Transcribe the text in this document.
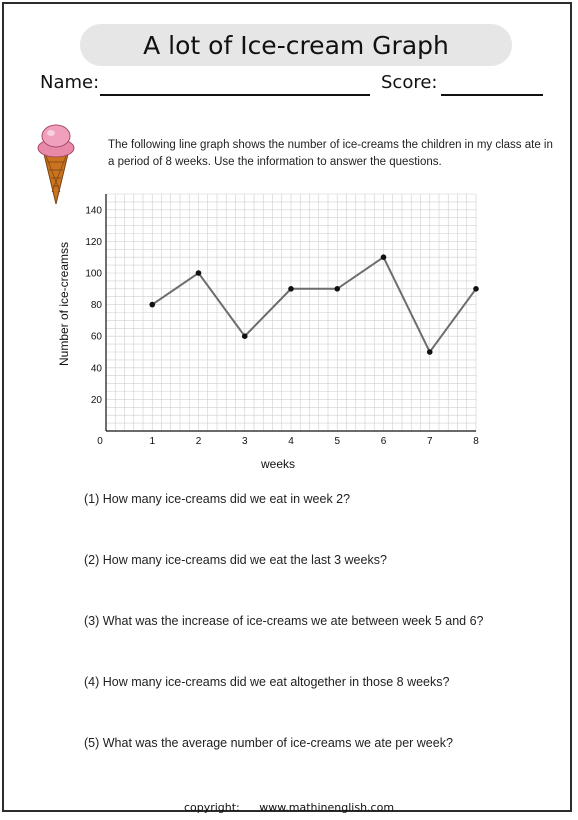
A lot of Ice-cream Graph
Name:	Score:
The following line graph shows the number of ice-creams the children in my class ate in a period of 8 weeks. Use the information to answer the questions.
0	1	2	3	4	5	6	7	8
20
40
60
80
100
120
140
weeks
Number of ice-creamss
(1) How many ice-creams did we eat in week 2?
(2) How many ice-creams did we eat the last 3 weeks?
(3) What was the increase of ice-creams we ate between week 5 and 6?
(4) How many ice-creams did we eat altogether in those 8 weeks?
(5) What was the average number of ice-creams we ate per week?
copyright: www.mathinenglish.com
